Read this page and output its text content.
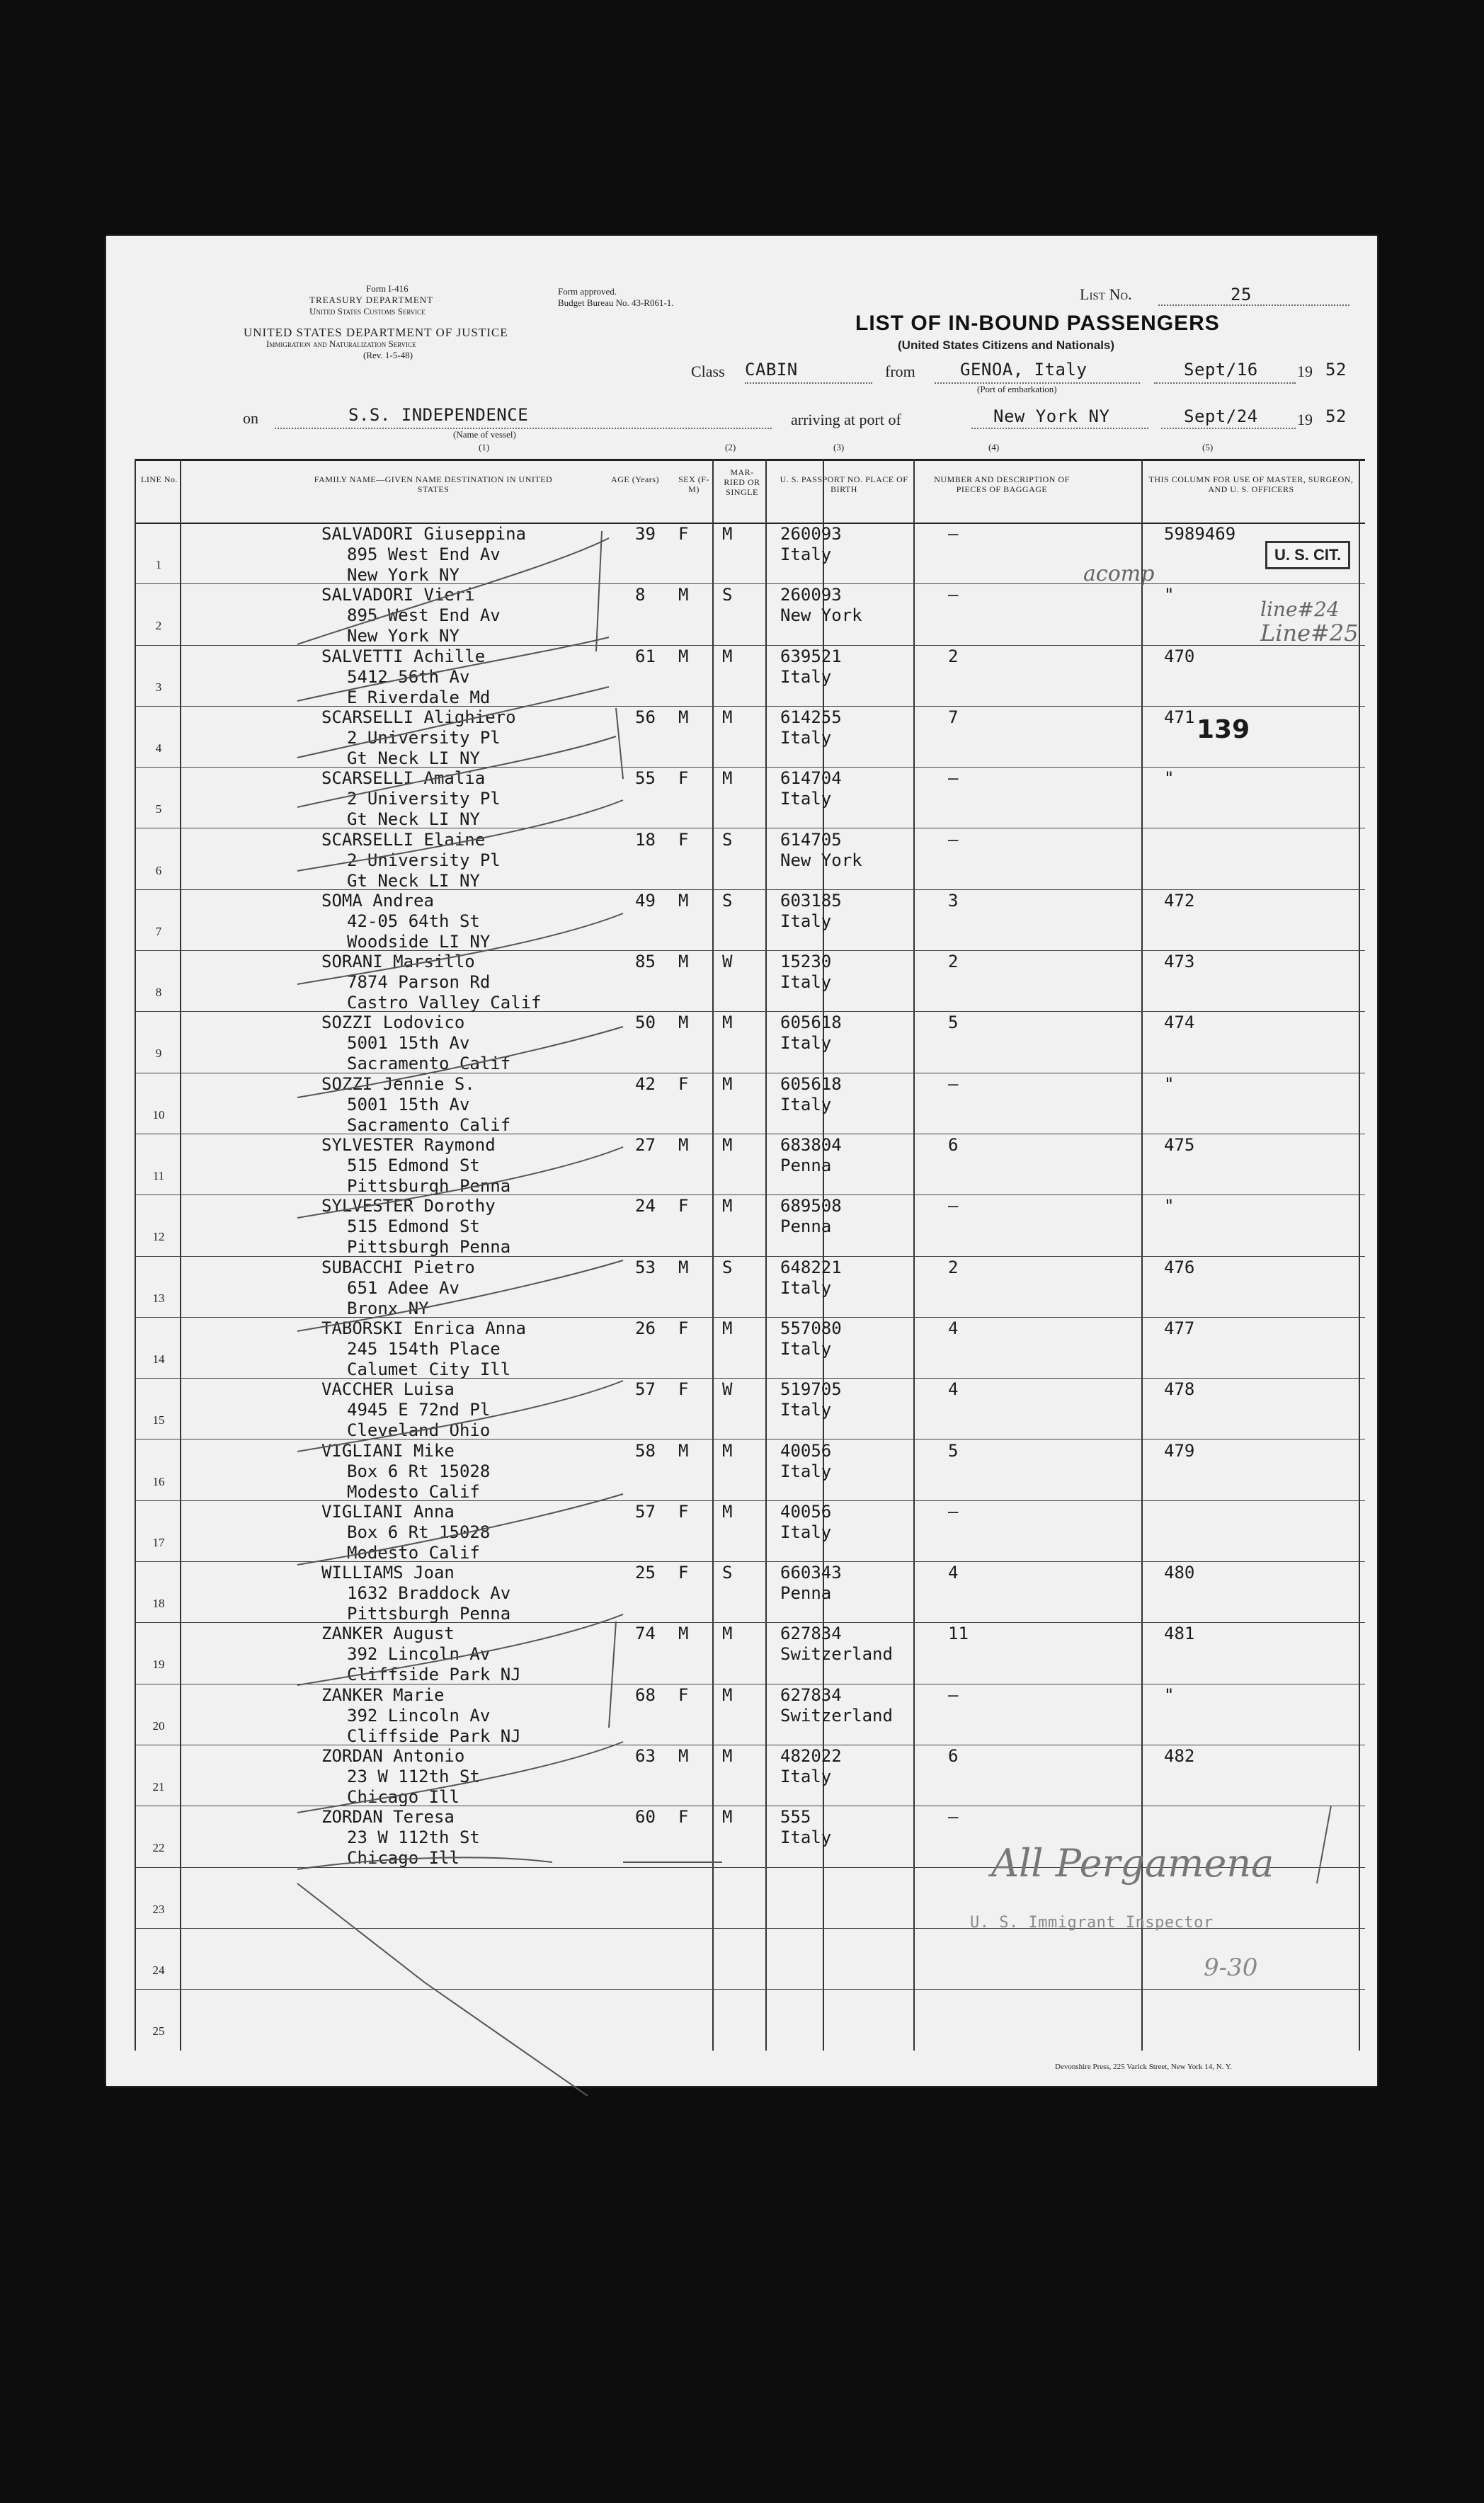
Form I-416
TREASURY DEPARTMENT
United States Customs Service
Form approved.
Budget Bureau No. 43-R061-1.
UNITED STATES DEPARTMENT OF JUSTICE
Immigration and Naturalization Service
(Rev. 1-5-48)
List No.	25
LIST OF IN-BOUND PASSENGERS
(United States Citizens and Nationals)
Class CABIN	from	GENOA, Italy
(Port of embarkation)
Sept/16	19 52
on	S.S. INDEPENDENCE
(Name of vessel)
arriving at port of	New York NY	Sept/24	19 52
(1)	(2)	(3)	(4)	(5)
LINE No.	FAMILY NAME—GIVEN NAME DESTINATION IN UNITED STATES
AGE (Years)	SEX (F-M)
MAR-RIED OR SINGLE
U. S. PASSPORT NO. PLACE OF BIRTH
NUMBER AND DESCRIPTION OF PIECES OF BAGGAGE
THIS COLUMN FOR USE OF MASTER, SURGEON, AND U. S. OFFICERS
1
SALVADORI Giuseppina
895 West End Av
New York NY
39 F M	260093
Italy
–	5989469
2
SALVADORI Vieri
895 West End Av
New York NY
8 M S	260093
New York
–	"
3
SALVETTI Achille
5412 56th Av
E Riverdale Md
61 M M	639521
Italy
2	470
4
SCARSELLI Alighiero
2 University Pl
Gt Neck LI NY
56 M M	614255
Italy
7	471
5
SCARSELLI Amalia
2 University Pl
Gt Neck LI NY
55 F M	614704
Italy
–	"
6
SCARSELLI Elaine
2 University Pl
Gt Neck LI NY
18 F S	614705
New York
–
7
SOMA Andrea
42-05 64th St
Woodside LI NY
49 M S	603185
Italy
3	472
8
SORANI Marsillo
7874 Parson Rd
Castro Valley Calif
85 M W	15230
Italy
2	473
9
SOZZI Lodovico
5001 15th Av
Sacramento Calif
50 M M	605618
Italy
5	474
10
SOZZI Jennie S.
5001 15th Av
Sacramento Calif
42 F M	605618
Italy
–	"
11
SYLVESTER Raymond
515 Edmond St
Pittsburgh Penna
27 M M	683804
Penna
6	475
12
SYLVESTER Dorothy
515 Edmond St
Pittsburgh Penna
24 F M	689508
Penna
–	"
13
SUBACCHI Pietro
651 Adee Av
Bronx NY
53 M S	648221
Italy
2	476
14
TABORSKI Enrica Anna
245 154th Place
Calumet City Ill
26 F M	557080
Italy
4	477
15
VACCHER Luisa
4945 E 72nd Pl
Cleveland Ohio
57 F W	519705
Italy
4	478
16
VIGLIANI Mike
Box 6 Rt 15028
Modesto Calif
58 M M	40056
Italy
5	479
17
VIGLIANI Anna
Box 6 Rt 15028
Modesto Calif
57 F M	40056
Italy
–
18
WILLIAMS Joan
1632 Braddock Av
Pittsburgh Penna
25 F S	660343
Penna
4	480
19
ZANKER August
392 Lincoln Av
Cliffside Park NJ
74 M M	627834
Switzerland
11	481
20
ZANKER Marie
392 Lincoln Av
Cliffside Park NJ
68 F M	627834
Switzerland
–	"
21
ZORDAN Antonio
23 W 112th St
Chicago Ill
63 M M	482022
Italy
6	482
22
ZORDAN Teresa
23 W 112th St
Chicago Ill
60 F M	555
Italy
–
23
24
25
U. S. CIT.
139
U. S. Immigrant Inspector
Devonshire Press, 225 Varick Street, New York 14, N. Y.
acomp
line#24
Line#25
All Pergamena
9-30
